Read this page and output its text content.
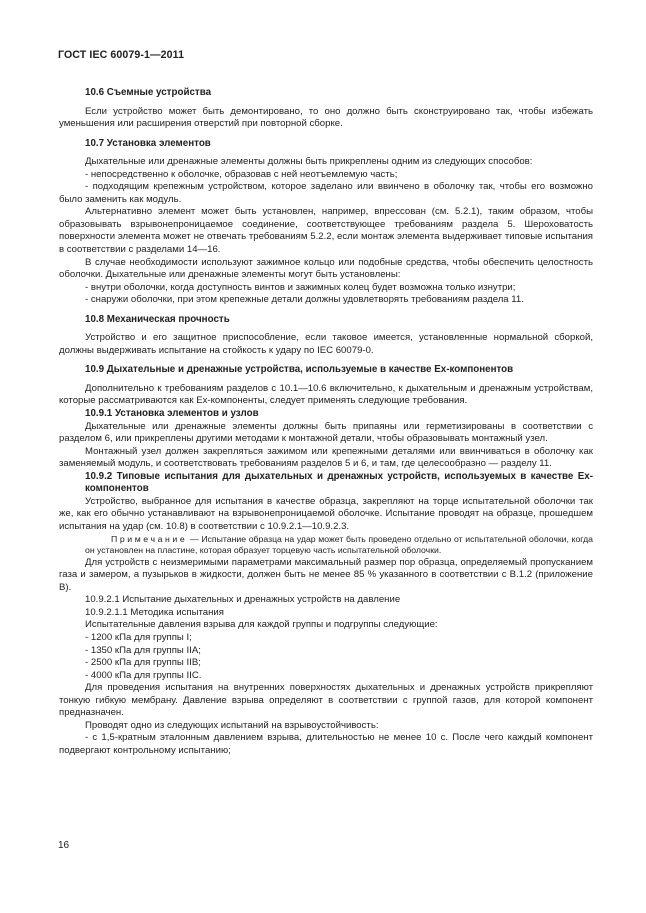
ГОСТ IEC 60079-1—2011
10.6 Съемные устройства

Если устройство может быть демонтировано, то оно должно быть сконструировано так, чтобы избежать уменьшения или расширения отверстий при повторной сборке.

10.7 Установка элементов

Дыхательные или дренажные элементы должны быть прикреплены одним из следующих способов:

- непосредственно к оболочке, образовав с ней неотъемлемую часть;

- подходящим крепежным устройством, которое заделано или ввинчено в оболочку так, чтобы его возможно было заменить как модуль.

Альтернативно элемент может быть установлен, например, впрессован (см. 5.2.1), таким образом, чтобы образовывать взрывонепроницаемое соединение, соответствующее требованиям раздела 5. Шероховатость поверхности элемента может не отвечать требованиям 5.2.2, если монтаж элемента выдерживает типовые испытания в соответствии с разделами 14—16.

В случае необходимости используют зажимное кольцо или подобные средства, чтобы обеспечить целостность оболочки. Дыхательные или дренажные элементы могут быть установлены:

- внутри оболочки, когда доступность винтов и зажимных колец будет возможна только изнутри;

- снаружи оболочки, при этом крепежные детали должны удовлетворять требованиям раздела 11.

10.8 Механическая прочность

Устройство и его защитное приспособление, если таковое имеется, установленные нормальной сборкой, должны выдерживать испытание на стойкость к удару по IEC 60079-0.

10.9 Дыхательные и дренажные устройства, используемые в качестве Ex-компонентов

Дополнительно к требованиям разделов с 10.1—10.6 включительно, к дыхательным и дренажным устройствам, которые рассматриваются как Ex-компоненты, следует применять следующие требования.

10.9.1 Установка элементов и узлов

Дыхательные или дренажные элементы должны быть припаяны или герметизированы в соответствии с разделом 6, или прикреплены другими методами к монтажной детали, чтобы образовывать монтажный узел.

Монтажный узел должен закрепляться зажимом или крепежными деталями или ввинчиваться в оболочку как заменяемый модуль, и соответствовать требованиям разделов 5 и 6, и там, где целесообразно — разделу 11.

10.9.2 Типовые испытания для дыхательных и дренажных устройств, используемых в качестве Ex-компонентов

Устройство, выбранное для испытания в качестве образца, закрепляют на торце испытательной оболочки так же, как его обычно устанавливают на взрывонепроницаемой оболочке. Испытание проводят на образце, прошедшем испытания на удар (см. 10.8) в соответствии с 10.9.2.1—10.9.2.3.

Примечание — Испытание образца на удар может быть проведено отдельно от испытательной оболочки, когда он установлен на пластине, которая образует торцевую часть испытательной оболочки.

Для устройств с неизмеримыми параметрами максимальный размер пор образца, определяемый пропусканием газа и замером, а пузырьков в жидкости, должен быть не менее 85 % указанного в соответствии с В.1.2 (приложение В).

10.9.2.1 Испытание дыхательных и дренажных устройств на давление

10.9.2.1.1 Методика испытания

Испытательные давления взрыва для каждой группы и подгруппы следующие:

- 1200 кПа для группы I;

- 1350 кПа для группы IIA;

- 2500 кПа для группы IIB;

- 4000 кПа для группы IIC.

Для проведения испытания на внутренних поверхностях дыхательных и дренажных устройств прикрепляют тонкую гибкую мембрану. Давление взрыва определяют в соответствии с группой газов, для которой компонент предназначен.

Проводят одно из следующих испытаний на взрывоустойчивость:

- с 1,5-кратным эталонным давлением взрыва, длительностью не менее 10 с. После чего каждый компонент подвергают контрольному испытанию;

16
